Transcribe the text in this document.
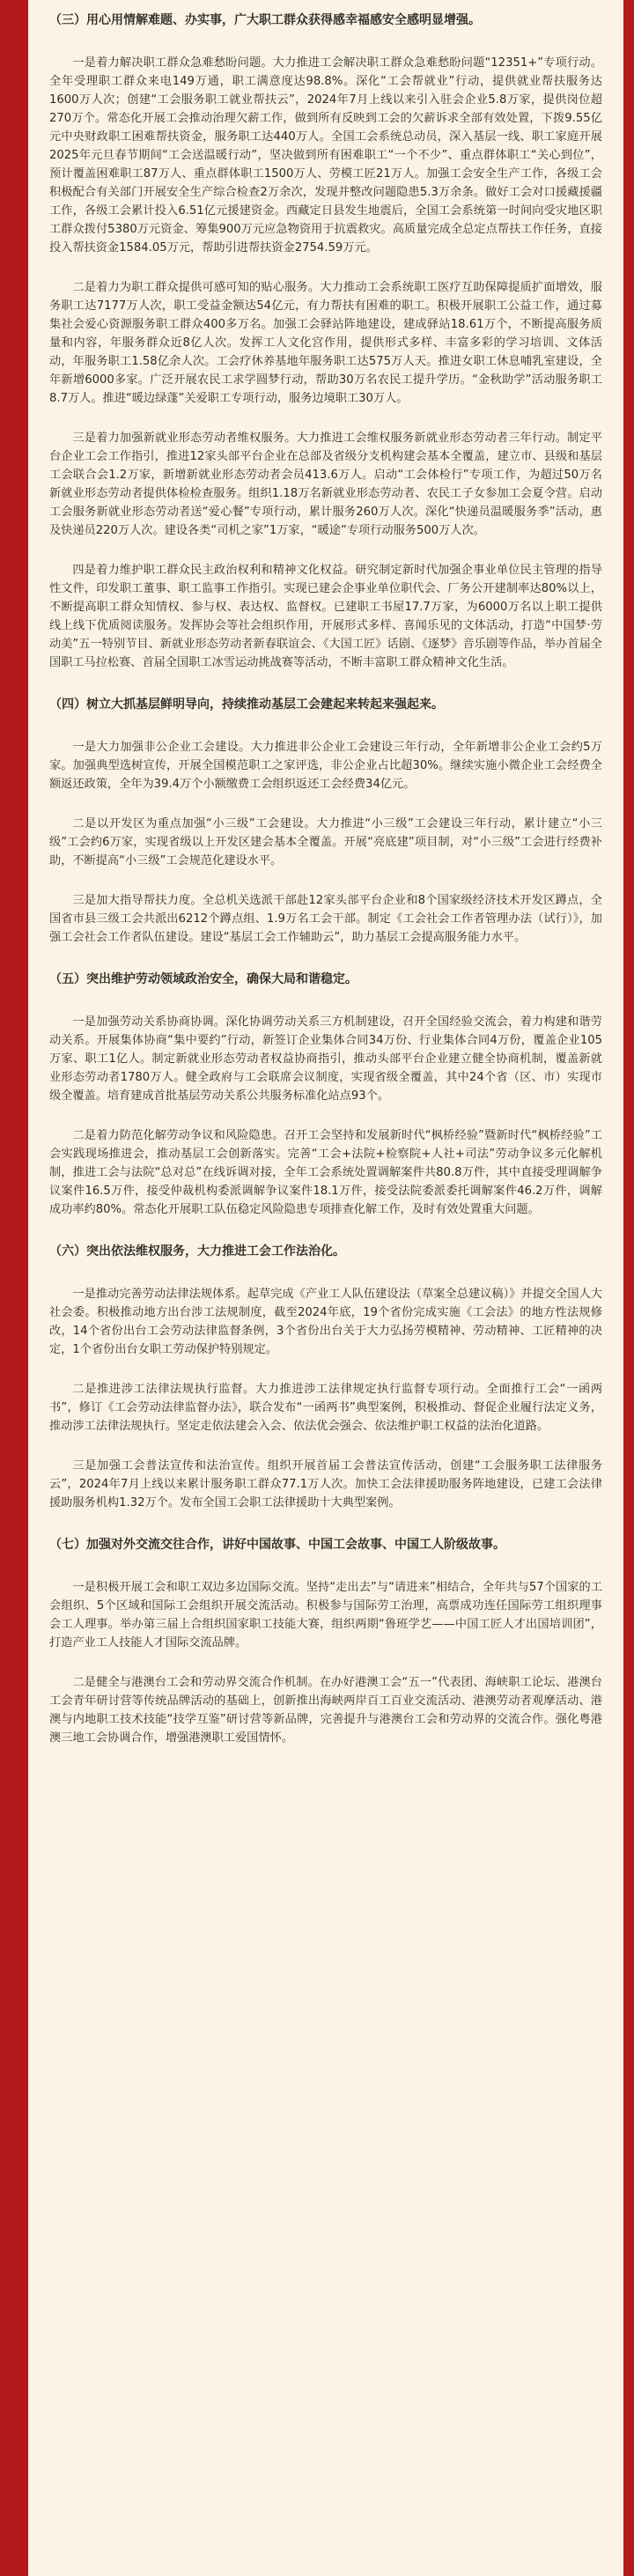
（三）用心用情解难题、办实事，广大职工群众获得感幸福感安全感明显增强。

一是着力解决职工群众急难愁盼问题。大力推进工会解决职工群众急难愁盼问题“12351+”专项行动。全年受理职工群众来电149万通，职工满意度达98.8%。深化“工会帮就业”行动，提供就业帮扶服务达1600万人次；创建“工会服务职工就业帮扶云”，2024年7月上线以来引入驻会企业5.8万家，提供岗位超270万个。常态化开展工会推动治理欠薪工作，做到所有反映到工会的欠薪诉求全部有效处置，下拨9.55亿元中央财政职工困难帮扶资金，服务职工达440万人。全国工会系统总动员，深入基层一线、职工家庭开展2025年元旦春节期间“工会送温暖行动”，坚决做到所有困难职工“一个不少”、重点群体职工“关心到位”，预计覆盖困难职工87万人、重点群体职工1500万人、劳模工匠21万人。加强工会安全生产工作，各级工会积极配合有关部门开展安全生产综合检查2万余次，发现并整改问题隐患5.3万余条。做好工会对口援藏援疆工作，各级工会累计投入6.51亿元援建资金。西藏定日县发生地震后，全国工会系统第一时间向受灾地区职工群众拨付5380万元资金、筹集900万元应急物资用于抗震救灾。高质量完成全总定点帮扶工作任务，直接投入帮扶资金1584.05万元，帮助引进帮扶资金2754.59万元。

二是着力为职工群众提供可感可知的贴心服务。大力推动工会系统职工医疗互助保障提质扩面增效，服务职工达7177万人次，职工受益金额达54亿元，有力帮扶有困难的职工。积极开展职工公益工作，通过募集社会爱心资源服务职工群众400多万名。加强工会驿站阵地建设，建成驿站18.61万个，不断提高服务质量和内容，年服务群众近8亿人次。发挥工人文化宫作用，提供形式多样、丰富多彩的学习培训、文体活动，年服务职工1.58亿余人次。工会疗休养基地年服务职工达575万人天。推进女职工休息哺乳室建设，全年新增6000多家。广泛开展农民工求学圆梦行动，帮助30万名农民工提升学历。“金秋助学”活动服务职工8.7万人。推进“暖边绿蓬”关爱职工专项行动，服务边境职工30万人。

三是着力加强新就业形态劳动者维权服务。大力推进工会维权服务新就业形态劳动者三年行动。制定平台企业工会工作指引，推进12家头部平台企业在总部及省级分支机构建会基本全覆盖，建立市、县级和基层工会联合会1.2万家，新增新就业形态劳动者会员413.6万人。启动“工会体检行”专项工作，为超过50万名新就业形态劳动者提供体检检查服务。组织1.18万名新就业形态劳动者、农民工子女参加工会夏令营。启动工会服务新就业形态劳动者送“爱心餐”专项行动，累计服务260万人次。深化“快递员温暖服务季”活动，惠及快递员220万人次。建设各类“司机之家”1万家，“暖途”专项行动服务500万人次。

四是着力维护职工群众民主政治权利和精神文化权益。研究制定新时代加强企事业单位民主管理的指导性文件，印发职工董事、职工监事工作指引。实现已建会企事业单位职代会、厂务公开建制率达80%以上，不断提高职工群众知情权、参与权、表达权、监督权。已建职工书屋17.7万家，为6000万名以上职工提供线上线下优质阅读服务。发挥协会等社会组织作用，开展形式多样、喜闻乐见的文体活动，打造“中国梦·劳动美”五一特别节目、新就业形态劳动者新春联谊会、《大国工匠》话剧、《逐梦》音乐剧等作品，举办首届全国职工马拉松赛、首届全国职工冰雪运动挑战赛等活动，不断丰富职工群众精神文化生活。

（四）树立大抓基层鲜明导向，持续推动基层工会建起来转起来强起来。

一是大力加强非公企业工会建设。大力推进非公企业工会建设三年行动，全年新增非公企业工会约5万家。加强典型选树宣传，开展全国模范职工之家评选，非公企业占比超30%。继续实施小微企业工会经费全额返还政策，全年为39.4万个小额缴费工会组织返还工会经费34亿元。

二是以开发区为重点加强“小三级”工会建设。大力推进“小三级”工会建设三年行动，累计建立“小三级”工会约6万家，实现省级以上开发区建会基本全覆盖。开展“亮底建”项目制，对“小三级”工会进行经费补助，不断提高“小三级”工会规范化建设水平。

三是加大指导帮扶力度。全总机关选派干部赴12家头部平台企业和8个国家级经济技术开发区蹲点，全国省市县三级工会共派出6212个蹲点组、1.9万名工会干部。制定《工会社会工作者管理办法（试行）》，加强工会社会工作者队伍建设。建设“基层工会工作辅助云”，助力基层工会提高服务能力水平。

（五）突出维护劳动领域政治安全，确保大局和谐稳定。

一是加强劳动关系协商协调。深化协调劳动关系三方机制建设，召开全国经验交流会，着力构建和谐劳动关系。开展集体协商“集中要约”行动，新签订企业集体合同34万份、行业集体合同4万份，覆盖企业105万家、职工1亿人。制定新就业形态劳动者权益协商指引，推动头部平台企业建立健全协商机制，覆盖新就业形态劳动者1780万人。健全政府与工会联席会议制度，实现省级全覆盖，其中24个省（区、市）实现市级全覆盖。培育建成首批基层劳动关系公共服务标准化站点93个。

二是着力防范化解劳动争议和风险隐患。召开工会坚持和发展新时代“枫桥经验”暨新时代“枫桥经验”工会实践现场推进会，推动基层工会创新落实。完善“工会+法院+检察院+人社+司法”劳动争议多元化解机制，推进工会与法院“总对总”在线诉调对接，全年工会系统处置调解案件共80.8万件，其中直接受理调解争议案件16.5万件，接受仲裁机构委派调解争议案件18.1万件，接受法院委派委托调解案件46.2万件，调解成功率约80%。常态化开展职工队伍稳定风险隐患专项排查化解工作，及时有效处置重大问题。

（六）突出依法维权服务，大力推进工会工作法治化。

一是推动完善劳动法律法规体系。起草完成《产业工人队伍建设法（草案全总建议稿）》并提交全国人大社会委。积极推动地方出台涉工法规制度，截至2024年底，19个省份完成实施《工会法》的地方性法规修改，14个省份出台工会劳动法律监督条例，3个省份出台关于大力弘扬劳模精神、劳动精神、工匠精神的决定，1个省份出台女职工劳动保护特别规定。

二是推进涉工法律法规执行监督。大力推进涉工法律规定执行监督专项行动。全面推行工会“一函两书”，修订《工会劳动法律监督办法》，联合发布“一函两书”典型案例，积极推动、督促企业履行法定义务，推动涉工法律法规执行。坚定走依法建会入会、依法优会强会、依法维护职工权益的法治化道路。

三是加强工会普法宣传和法治宣传。组织开展首届工会普法宣传活动，创建“工会服务职工法律服务云”，2024年7月上线以来累计服务职工群众77.1万人次。加快工会法律援助服务阵地建设，已建工会法律援助服务机构1.32万个。发布全国工会职工法律援助十大典型案例。

（七）加强对外交流交往合作，讲好中国故事、中国工会故事、中国工人阶级故事。

一是积极开展工会和职工双边多边国际交流。坚持“走出去”与“请进来”相结合，全年共与57个国家的工会组织、5个区域和国际工会组织开展交流活动。积极参与国际劳工治理，高票成功连任国际劳工组织理事会工人理事。举办第三届上合组织国家职工技能大赛，组织两期“鲁班学艺——中国工匠人才出国培训团”，打造产业工人技能人才国际交流品牌。

二是健全与港澳台工会和劳动界交流合作机制。在办好港澳工会“五一”代表团、海峡职工论坛、港澳台工会青年研讨营等传统品牌活动的基础上，创新推出海峡两岸百工百业交流活动、港澳劳动者观摩活动、港澳与内地职工技术技能“技学互鉴”研讨营等新品牌，完善提升与港澳台工会和劳动界的交流合作。强化粤港澳三地工会协调合作，增强港澳职工爱国情怀。
